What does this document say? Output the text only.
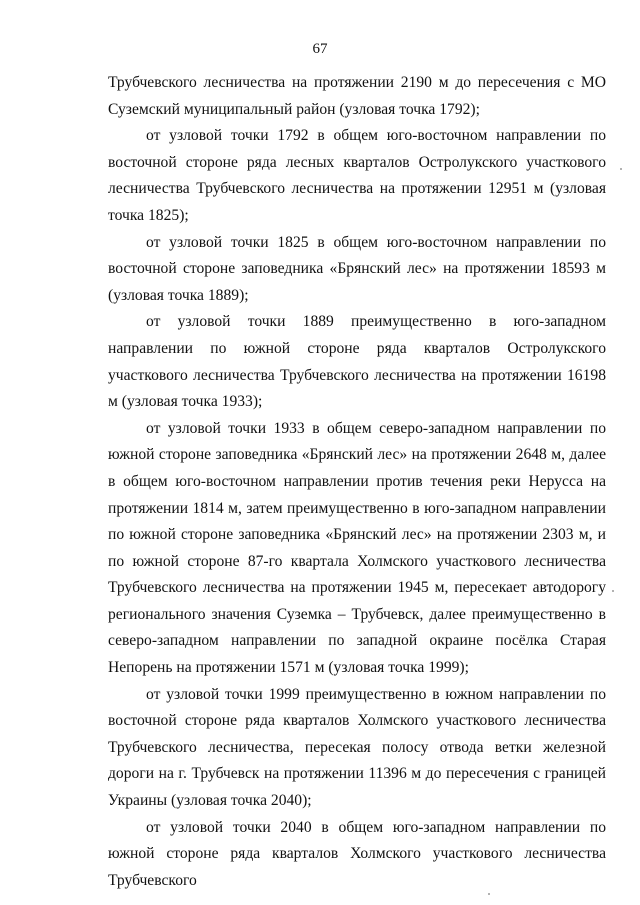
67

Трубчевского лесничества на протяжении 2190 м до пересечения с МО Суземский муниципальный район (узловая точка 1792);

от узловой точки 1792 в общем юго-восточном направлении по восточной стороне ряда лесных кварталов Остролукского участкового лесничества Трубчевского лесничества на протяжении 12951 м (узловая точка 1825);

от узловой точки 1825 в общем юго-восточном направлении по восточной стороне заповедника «Брянский лес» на протяжении 18593 м (узловая точка 1889);

от узловой точки 1889 преимущественно в юго-западном направлении по южной стороне ряда кварталов Остролукского участкового лесничества Трубчевского лесничества на протяжении 16198 м (узловая точка 1933);

от узловой точки 1933 в общем северо-западном направлении по южной стороне заповедника «Брянский лес» на протяжении 2648 м, далее в общем юго-восточном направлении против течения реки Нерусса на протяжении 1814 м, затем преимущественно в юго-западном направлении по южной стороне заповедника «Брянский лес» на протяжении 2303 м, и по южной стороне 87-го квартала Холмского участкового лесничества Трубчевского лесничества на протяжении 1945 м, пересекает автодорогу регионального значения Суземка – Трубчевск, далее преимущественно в северо-западном направлении по западной окраине посёлка Старая Непорень на протяжении 1571 м (узловая точка 1999);

от узловой точки 1999 преимущественно в южном направлении по восточной стороне ряда кварталов Холмского участкового лесничества Трубчевского лесничества, пересекая полосу отвода ветки железной дороги на г. Трубчевск на протяжении 11396 м до пересечения с границей Украины (узловая точка 2040);

от узловой точки 2040 в общем юго-западном направлении по южной стороне ряда кварталов Холмского участкового лесничества Трубчевского
